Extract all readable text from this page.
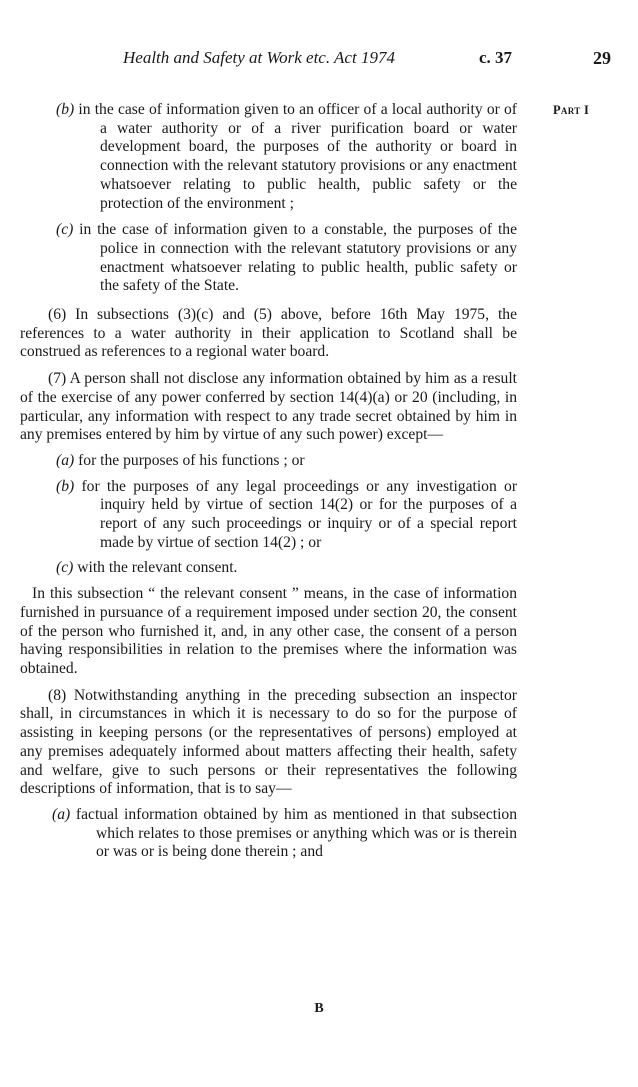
Health and Safety at Work etc. Act 1974	c. 37	29
Part I

(b) in the case of information given to an officer of a local authority or of a water authority or of a river purification board or water development board, the purposes of the authority or board in connection with the relevant statutory provisions or any enactment whatsoever relating to public health, public safety or the protection of the environment ;

(c) in the case of information given to a constable, the purposes of the police in connection with the relevant statutory provisions or any enactment whatsoever relating to public health, public safety or the safety of the State.

(6) In subsections (3)(c) and (5) above, before 16th May 1975, the references to a water authority in their application to Scotland shall be construed as references to a regional water board.

(7) A person shall not disclose any information obtained by him as a result of the exercise of any power conferred by section 14(4)(a) or 20 (including, in particular, any information with respect to any trade secret obtained by him in any premises entered by him by virtue of any such power) except—

(a) for the purposes of his functions ; or

(b) for the purposes of any legal proceedings or any investigation or inquiry held by virtue of section 14(2) or for the purposes of a report of any such proceedings or inquiry or of a special report made by virtue of section 14(2) ; or

(c) with the relevant consent.

In this subsection “ the relevant consent ” means, in the case of information furnished in pursuance of a requirement imposed under section 20, the consent of the person who furnished it, and, in any other case, the consent of a person having responsibilities in relation to the premises where the information was obtained.

(8) Notwithstanding anything in the preceding subsection an inspector shall, in circumstances in which it is necessary to do so for the purpose of assisting in keeping persons (or the representatives of persons) employed at any premises adequately informed about matters affecting their health, safety and welfare, give to such persons or their representatives the following descriptions of information, that is to say—

(a) factual information obtained by him as mentioned in that subsection which relates to those premises or anything which was or is therein or was or is being done therein ; and

B
